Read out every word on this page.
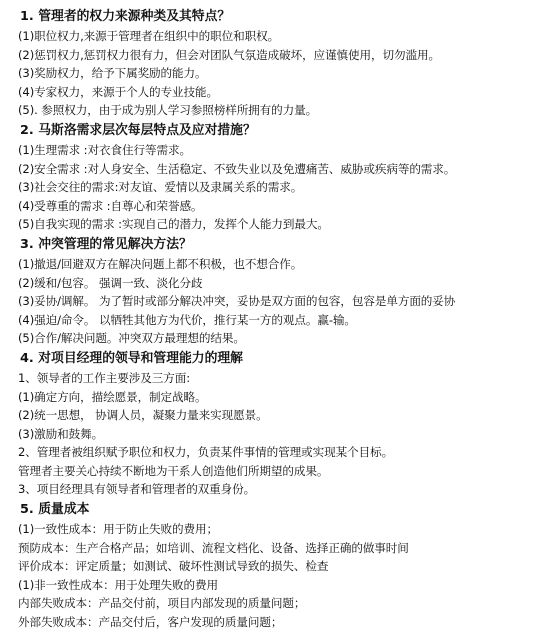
1. 管理者的权力来源种类及其特点？
(1)职位权力,来源于管理者在组织中的职位和职权。
(2)惩罚权力,惩罚权力很有力，但会对团队气氛造成破坏，应谨慎使用，切勿滥用。
(3)奖励权力，给予下属奖励的能力。
(4)专家权力，来源于个人的专业技能。
(5). 参照权力，由于成为别人学习参照榜样所拥有的力量。
2. 马斯洛需求层次每层特点及应对措施？
(1)生理需求 :对衣食住行等需求。
(2)安全需求 :对人身安全、生活稳定、不致失业以及免遭痛苦、威胁或疾病等的需求。
(3)社会交往的需求:对友谊、爱情以及隶属关系的需求。
(4)受尊重的需求 :自尊心和荣誉感。
(5)自我实现的需求 :实现自己的潜力，发挥个人能力到最大。
3. 冲突管理的常见解决方法？
(1)撤退/回避双方在解决问题上都不积极，也不想合作。
(2)缓和/包容。 强调一致、淡化分歧
(3)妥协/调解。 为了暂时或部分解决冲突，妥协是双方面的包容，包容是单方面的妥协
(4)强迫/命令。 以牺牲其他方为代价，推行某一方的观点。赢-输。
(5)合作/解决问题。冲突双方最理想的结果。
4. 对项目经理的领导和管理能力的理解
1、领导者的工作主要涉及三方面:
(1)确定方向，描绘愿景，制定战略。
(2)统一思想， 协调人员，凝聚力量来实现愿景。
(3)激励和鼓舞。
2、管理者被组织赋予职位和权力，负责某件事情的管理或实现某个目标。
管理者主要关心持续不断地为干系人创造他们所期望的成果。
3、项目经理具有领导者和管理者的双重身份。
5. 质量成本
(1)一致性成本：用于防止失败的费用；
预防成本：生产合格产品；如培训、流程文档化、设备、选择正确的做事时间
评价成本：评定质量；如测试、破坏性测试导致的损失、检查
(1)非一致性成本：用于处理失败的费用
内部失败成本：产品交付前，项目内部发现的质量问题；
外部失败成本：产品交付后，客户发现的质量问题；
